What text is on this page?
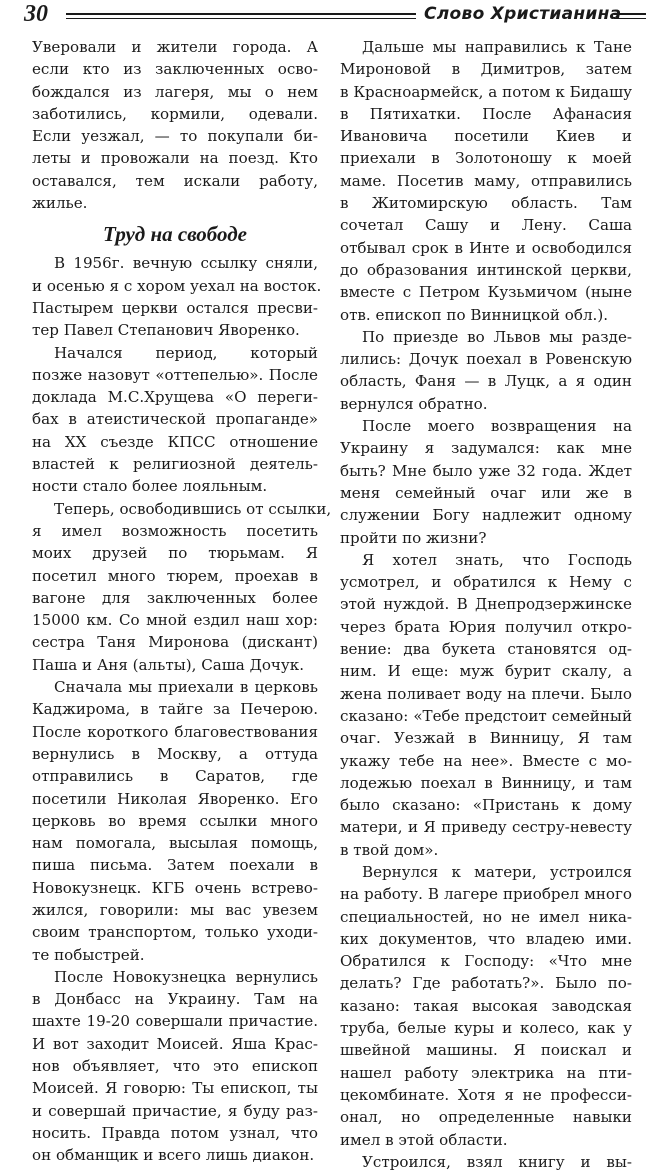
30	Слово Христианина
Уверовали и жители города. А
если кто из заключенных осво-
бождался из лагеря, мы о нем
заботились, кормили, одевали.
Если уезжал, — то покупали би-
леты и провожали на поезд. Кто
оставался, тем искали работу,
жилье.
Труд на свободе
В 1956г. вечную ссылку сняли,
и осенью я с хором уехал на восток.
Пастырем церкви остался пресви-
тер Павел Степанович Яворенко.
Начался период, который
позже назовут «оттепелью». После
доклада М.С.Хрущева «О переги-
бах в атеистической пропаганде»
на XX съезде КПСС отношение
властей к религиозной деятель-
ности стало более лояльным.
Теперь, освободившись от ссылки,
я имел возможность посетить
моих друзей по тюрьмам. Я
посетил много тюрем, проехав в
вагоне для заключенных более
15000 км. Со мной ездил наш хор:
сестра Таня Миронова (дискант)
Паша и Аня (альты), Саша Дочук.
Сначала мы приехали в церковь
Каджирома, в тайге за Печерою.
После короткого благовествования
вернулись в Москву, а оттуда
отправились в Саратов, где
посетили Николая Яворенко. Его
церковь во время ссылки много
нам помогала, высылая помощь,
пиша письма. Затем поехали в
Новокузнецк. КГБ очень встревo-
жился, говорили: мы вас увезем
своим транспортом, только уходи-
те побыстрей.
После Новокузнецка вернулись
в Донбасс на Украину. Там на
шахте 19-20 совершали причастие.
И вот заходит Моисей. Яша Крас-
нов объявляет, что это епископ
Моисей. Я говорю: Ты епископ, ты
и совершай причастие, я буду раз-
носить. Правда потом узнал, что
он обманщик и всего лишь диакон.
Дальше мы направились к Тане
Мироновой в Димитров, затем
в Красноармейск, а потом к Бидашу
в Пятихатки. После Афанасия
Ивановича посетили Киев и
приехали в Золотоношу к моей
маме. Посетив маму, отправились
в Житомирскую область. Там
сочетал Сашу и Лену. Саша
отбывал срок в Инте и освободился
до образования интинской церкви,
вместе с Петром Кузьмичом (ныне
отв. епископ по Винницкой обл.).
По приезде во Львов мы разде-
лились: Дочук поехал в Ровенскую
область, Фаня — в Луцк, а я один
вернулся обратно.
После моего возвращения на
Украину я задумался: как мне
быть? Мне было уже 32 года. Ждет
меня семейный очаг или же в
служении Богу надлежит одному
пройти по жизни?
Я хотел знать, что Господь
усмотрел, и обратился к Нему с
этой нуждой. В Днепродзержинске
через брата Юрия получил откро-
вение: два букета становятся од-
ним. И еще: муж бурит скалу, а
жена поливает воду на плечи. Было
сказано: «Тебе предстоит семейный
очаг. Уезжай в Винницу, Я там
укажу тебе на нее». Вместе с мо-
лодежью поехал в Винницу, и там
было сказано: «Пристань к дому
матери, и Я приведу сестру-невесту
в твой дом».
Вернулся к матери, устроился
на работу. В лагере приобрел много
специальностей, но не имел ника-
ких документов, что владею ими.
Обратился к Господу: «Что мне
делать? Где работать?». Было по-
казано: такая высокая заводская
труба, белые куры и колесо, как у
швейной машины. Я поискал и
нашел работу электрика на пти-
цекомбинате. Хотя я не професси-
онал, но определенные навыки
имел в этой области.
Устроился, взял книгу и вы-
